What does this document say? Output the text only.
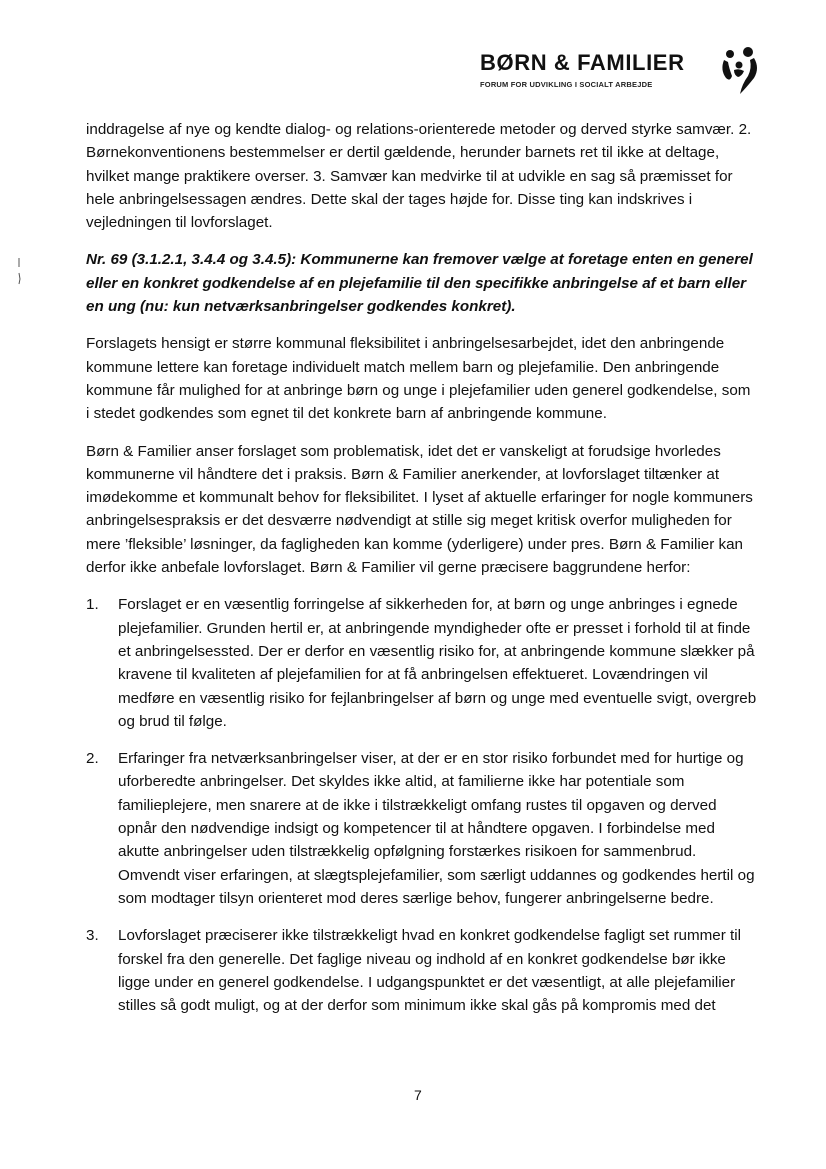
BØRN & FAMILIER
FORUM FOR UDVIKLING I SOCIALT ARBEJDE

inddragelse af nye og kendte dialog- og relations-orienterede metoder og derved styrke samvær. 2. Børnekonventionens bestemmelser er dertil gældende, herunder barnets ret til ikke at deltage, hvilket mange praktikere overser. 3. Samvær kan medvirke til at udvikle en sag så præmisset for hele anbringelsessagen ændres. Dette skal der tages højde for. Disse ting kan indskrives i vejledningen til lovforslaget.

Nr. 69 (3.1.2.1, 3.4.4 og 3.4.5): Kommunerne kan fremover vælge at foretage enten en generel eller en konkret godkendelse af en plejefamilie til den specifikke anbringelse af et barn eller en ung (nu: kun netværksanbringelser godkendes konkret).

Forslagets hensigt er større kommunal fleksibilitet i anbringelsesarbejdet, idet den anbringende kommune lettere kan foretage individuelt match mellem barn og plejefamilie. Den anbringende kommune får mulighed for at anbringe børn og unge i plejefamilier uden generel godkendelse, som i stedet godkendes som egnet til det konkrete barn af anbringende kommune.

Børn & Familier anser forslaget som problematisk, idet det er vanskeligt at forudsige hvorledes kommunerne vil håndtere det i praksis. Børn & Familier anerkender, at lovforslaget tiltænker at imødekomme et kommunalt behov for fleksibilitet. I lyset af aktuelle erfaringer for nogle kommuners anbringelsespraksis er det desværre nødvendigt at stille sig meget kritisk overfor muligheden for mere ’fleksible’ løsninger, da fagligheden kan komme (yderligere) under pres. Børn & Familier kan derfor ikke anbefale lovforslaget. Børn & Familier vil gerne præcisere baggrundene herfor:

1. Forslaget er en væsentlig forringelse af sikkerheden for, at børn og unge anbringes i egnede plejefamilier. Grunden hertil er, at anbringende myndigheder ofte er presset i forhold til at finde et anbringelsessted. Der er derfor en væsentlig risiko for, at anbringende kommune slækker på kravene til kvaliteten af plejefamilien for at få anbringelsen effektueret. Lovændringen vil medføre en væsentlig risiko for fejlanbringelser af børn og unge med eventuelle svigt, overgreb og brud til følge.
2. Erfaringer fra netværksanbringelser viser, at der er en stor risiko forbundet med for hurtige og uforberedte anbringelser. Det skyldes ikke altid, at familierne ikke har potentiale som familieplejere, men snarere at de ikke i tilstrækkeligt omfang rustes til opgaven og derved opnår den nødvendige indsigt og kompetencer til at håndtere opgaven. I forbindelse med akutte anbringelser uden tilstrækkelig opfølgning forstærkes risikoen for sammenbrud. Omvendt viser erfaringen, at slægtsplejefamilier, som særligt uddannes og godkendes hertil og som modtager tilsyn orienteret mod deres særlige behov, fungerer anbringelserne bedre.
3. Lovforslaget præciserer ikke tilstrækkeligt hvad en konkret godkendelse fagligt set rummer til forskel fra den generelle. Det faglige niveau og indhold af en konkret godkendelse bør ikke ligge under en generel godkendelse. I udgangspunktet er det væsentligt, at alle plejefamilier stilles så godt muligt, og at der derfor som minimum ikke skal gås på kompromis med det
7
